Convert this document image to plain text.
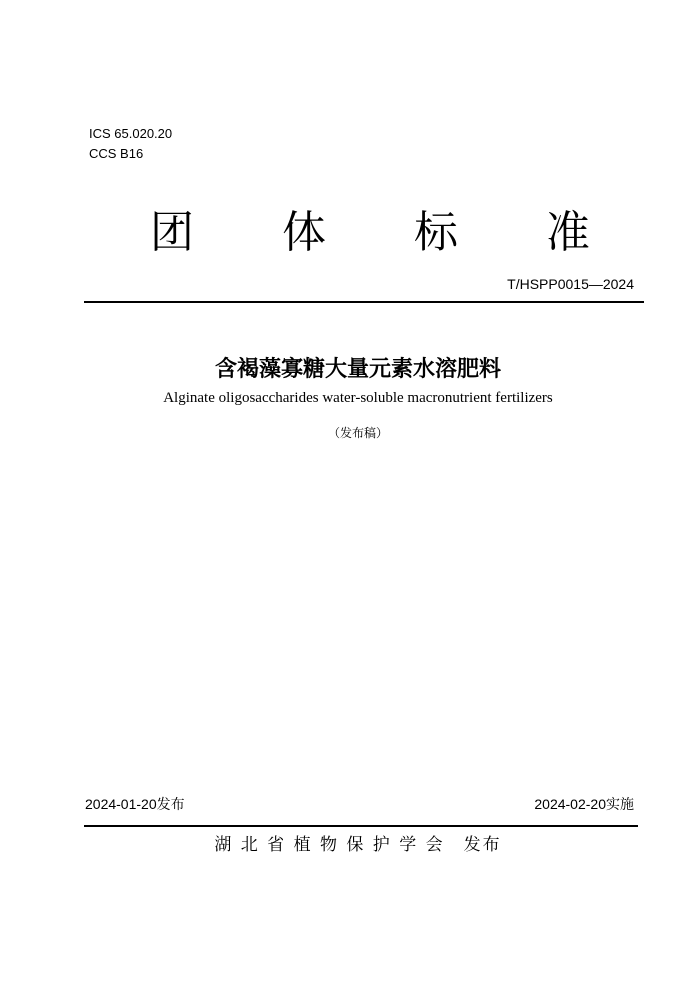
ICS 65.020.20
CCS B16
团 体 标 准
T/HSPP0015—2024
含褐藻寡糖大量元素水溶肥料
Alginate oligosaccharides water-soluble macronutrient fertilizers
（发布稿）
2024-01-20发布	2024-02-20实施
湖 北 省 植 物 保 护 学 会　发布
